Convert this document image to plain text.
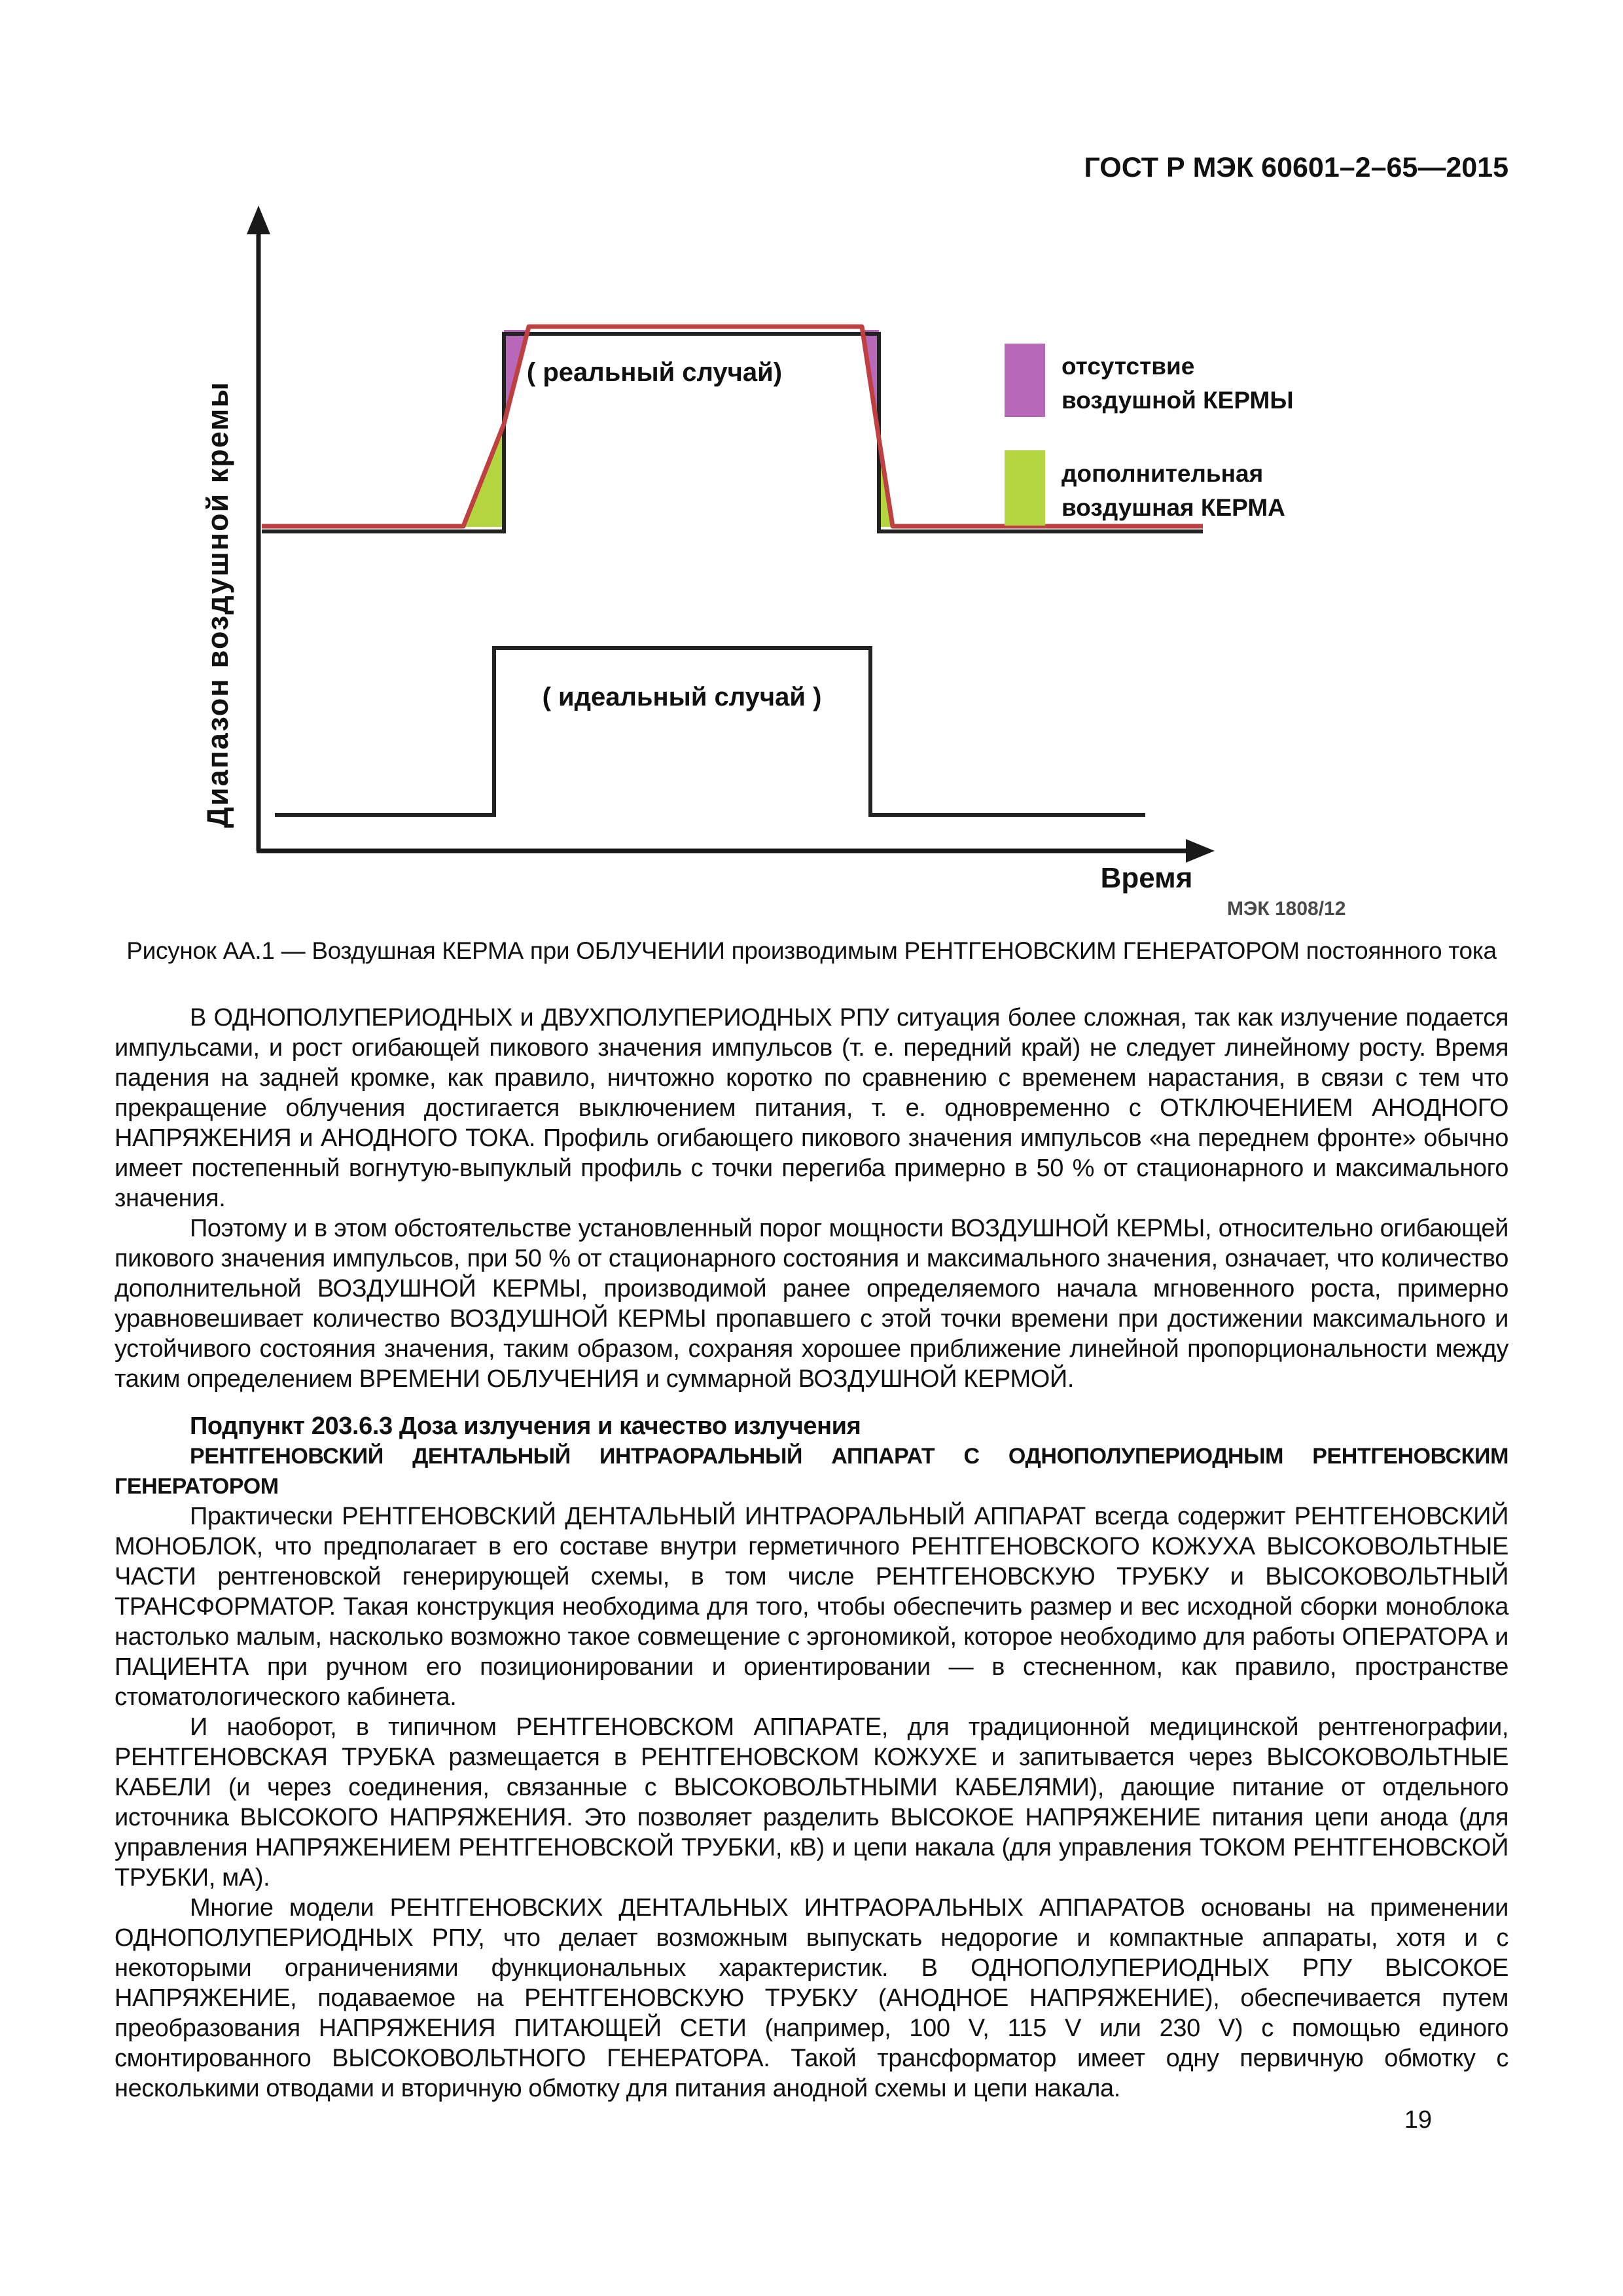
ГОСТ Р МЭК 60601–2–65—2015
( реальный случай)
( идеальный случай )
Диапазон воздушной кремы
Время
МЭК 1808/12
отсутствие
воздушной КЕРМЫ
дополнительная
воздушная КЕРМА
Рисунок АА.1 — Воздушная КЕРМА при ОБЛУЧЕНИИ производимым РЕНТГЕНОВСКИМ ГЕНЕРАТОРОМ постоянного тока

В ОДНОПОЛУПЕРИОДНЫХ и ДВУХПОЛУПЕРИОДНЫХ РПУ ситуация более сложная, так как излучение подается импульсами, и рост огибающей пикового значения импульсов (т. е. передний край) не следует линейному росту. Время падения на задней кромке, как правило, ничтожно коротко по сравнению с временем нарастания, в связи с тем что прекращение облучения достигается выключением питания, т. е. одновременно с ОТКЛЮЧЕНИЕМ АНОДНОГО НАПРЯЖЕНИЯ и АНОДНОГО ТОКА. Профиль огибающего пикового значения импульсов «на переднем фронте» обычно имеет постепенный вогнутую-выпуклый профиль с точки перегиба примерно в 50 % от стационарного и максимального значения.

Поэтому и в этом обстоятельстве установленный порог мощности ВОЗДУШНОЙ КЕРМЫ, относительно огибающей пикового значения импульсов, при 50 % от стационарного состояния и максимального значения, означает, что количество дополнительной ВОЗДУШНОЙ КЕРМЫ, производимой ранее определяемого начала мгновенного роста, примерно уравновешивает количество ВОЗДУШНОЙ КЕРМЫ пропавшего с этой точки времени при достижении максимального и устойчивого состояния значения, таким образом, сохраняя хорошее приближение линейной пропорциональности между таким определением ВРЕМЕНИ ОБЛУЧЕНИЯ и суммарной ВОЗДУШНОЙ КЕРМОЙ.

Подпункт 203.6.3 Доза излучения и качество излучения

РЕНТГЕНОВСКИЙ ДЕНТАЛЬНЫЙ ИНТРАОРАЛЬНЫЙ АППАРАТ С ОДНОПОЛУПЕРИОДНЫМ РЕНТГЕНОВСКИМ ГЕНЕРАТОРОМ

Практически РЕНТГЕНОВСКИЙ ДЕНТАЛЬНЫЙ ИНТРАОРАЛЬНЫЙ АППАРАТ всегда содержит РЕНТГЕНОВСКИЙ МОНОБЛОК, что предполагает в его составе внутри герметичного РЕНТГЕНОВСКОГО КОЖУХА ВЫСОКОВОЛЬТНЫЕ ЧАСТИ рентгеновской генерирующей схемы, в том числе РЕНТГЕНОВСКУЮ ТРУБКУ и ВЫСОКОВОЛЬТНЫЙ ТРАНСФОРМАТОР. Такая конструкция необходима для того, чтобы обеспечить размер и вес исходной сборки моноблока настолько малым, насколько возможно такое совмещение с эргономикой, которое необходимо для работы ОПЕРАТОРА и ПАЦИЕНТА при ручном его позиционировании и ориентировании — в стесненном, как правило, пространстве стоматологического кабинета.

И наоборот, в типичном РЕНТГЕНОВСКОМ АППАРАТЕ, для традиционной медицинской рентгенографии, РЕНТГЕНОВСКАЯ ТРУБКА размещается в РЕНТГЕНОВСКОМ КОЖУХЕ и запитывается через ВЫСОКОВОЛЬТНЫЕ КАБЕЛИ (и через соединения, связанные с ВЫСОКОВОЛЬТНЫМИ КАБЕЛЯМИ), дающие питание от отдельного источника ВЫСОКОГО НАПРЯЖЕНИЯ. Это позволяет разделить ВЫСОКОЕ НАПРЯЖЕНИЕ питания цепи анода (для управления НАПРЯЖЕНИЕМ РЕНТГЕНОВСКОЙ ТРУБКИ, кВ) и цепи накала (для управления ТОКОМ РЕНТГЕНОВСКОЙ ТРУБКИ, мА).

Многие модели РЕНТГЕНОВСКИХ ДЕНТАЛЬНЫХ ИНТРАОРАЛЬНЫХ АППАРАТОВ основаны на применении ОДНОПОЛУПЕРИОДНЫХ РПУ, что делает возможным выпускать недорогие и компактные аппараты, хотя и с некоторыми ограничениями функциональных характеристик. В ОДНОПОЛУПЕРИОДНЫХ РПУ ВЫСОКОЕ НАПРЯЖЕНИЕ, подаваемое на РЕНТГЕНОВСКУЮ ТРУБКУ (АНОДНОЕ НАПРЯЖЕНИЕ), обеспечивается путем преобразования НАПРЯЖЕНИЯ ПИТАЮЩЕЙ СЕТИ (например, 100 V, 115 V или 230 V) с помощью единого смонтированного ВЫСОКОВОЛЬТНОГО ГЕНЕРАТОРА. Такой трансформатор имеет одну первичную обмотку с несколькими отводами и вторичную обмотку для питания анодной схемы и цепи накала.

19
